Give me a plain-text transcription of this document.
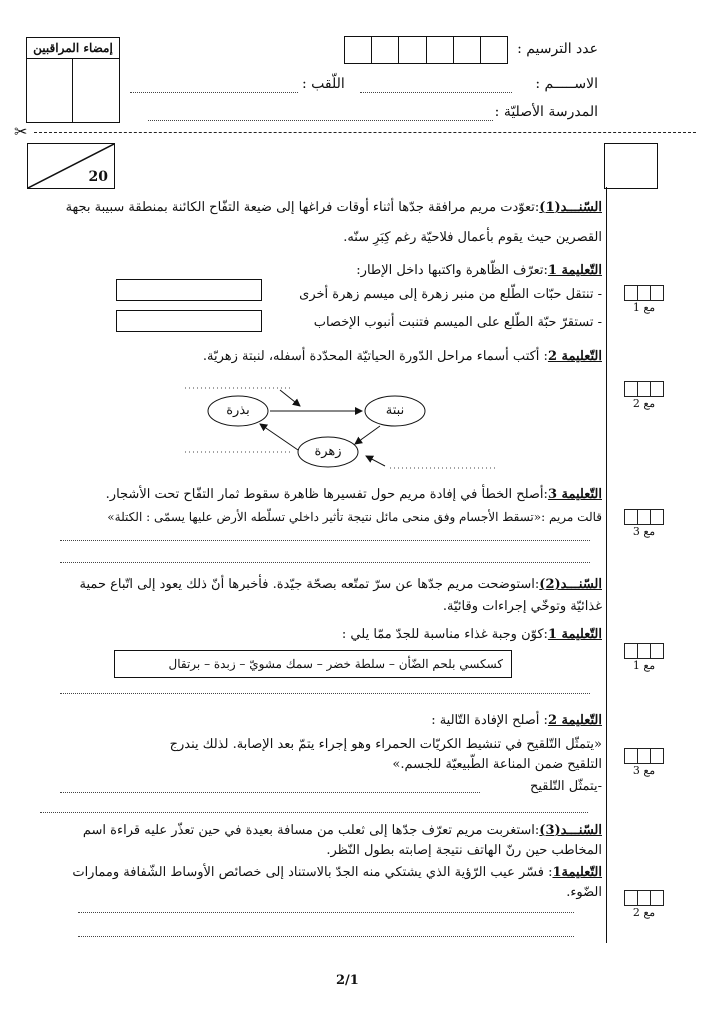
إمضاء المراقبين	عدد الترسيم :
الاســـــم :
اللّقب :
المدرسة الأصليّة :
✂
20
السّنـــد(1):تعوّدت مريم مرافقة جدّها أثناء أوقات فراغها إلى ضيعة التفّاح الكائنة بمنطقة سبيبة بجهة
القصرين حيث يقوم بأعمال فلاحيّة رغم كِبَرِ سنّه.
التّعليمة 1:تعرّف الظّاهرة واكتبها داخل الإطار:
- تنتقل حبّات الطّلع من منبر زهرة إلى ميسم زهرة أخرى
- تستقرّ حبّة الطّلع على الميسم فتنبت أنبوب الإخصاب
مع 1
التّعليمة 2: أكتب أسماء مراحل الدّورة الحياتيّة المحدّدة أسفله، لنبتة زهريّة.
بذرة	نبتة
زهرة
مع 2
التّعليمة 3:أصلح الخطأ في إفادة مريم حول تفسيرها ظاهرة سقوط ثمار التفّاح تحت الأشجار.
قالت مريم :«تسقط الأجسام وفق منحى مائل نتيجة تأثير داخلي تسلّطه الأرض عليها يسمّى : الكتلة»
مع 3
السّنـــد(2):استوضحت مريم جدّها عن سرّ تمتّعه بصحّة جيّدة. فأخبرها أنّ ذلك يعود إلى اتّباع حمية
غذائيّة وتوخّي إجراءات وقائيّة.
التّعليمة 1:كوّن وجبة غذاء مناسبة للجدّ ممّا يلي :
كسكسي بلحم الضّأن – سلطة خضر – سمك مشويّ – زبدة – برتقال	مع 1
التّعليمة 2: أصلح الإفادة التّالية :
«يتمثّل التّلقيح في تنشيط الكريّات الحمراء وهو إجراء يتمّ بعد الإصابة. لذلك يندرج
التلقيح ضمن المناعة الطّبيعيّة للجسم.»
-يتمثّل التّلقيح
مع 3
السّنـــد(3):استغربت مريم تعرّف جدّها إلى ثعلب من مسافة بعيدة في حين تعذّر عليه قراءة اسم
المخاطب حين رنّ الهاتف نتيجة إصابته بطول النّظر.
التّعليمة1: فسّر عيب الرّؤية الذي يشتكي منه الجدّ بالاستناد إلى خصائص الأوساط الشّفافة وممارات
الضّوء.
مع 2
2/1
